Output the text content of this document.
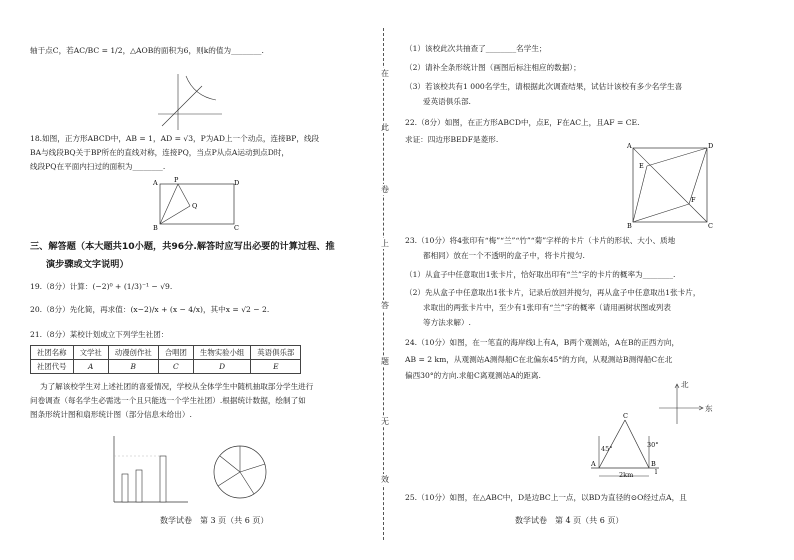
轴于点C，若AC/BC = 1/2，△AOB的面积为6，则k的值为________.
18.如图，正方形ABCD中，AB = 1，AD = √3，P为AD上一个动点，连接BP，线段
BA与线段BQ关于BP所在的直线对称，连接PQ，当点P从点A运动到点D时，
线段PQ在平面内扫过的面积为________.
A	P	D
Q
B	C
三、解答题（本大题共10小题，共96分.解答时应写出必要的计算过程、推
演步骤或文字说明）
19.（8分）计算：(−2)⁰ + (1/3)⁻¹ − √9.
20.（8分）先化简，再求值：(x−2)/x + (x − 4/x)，其中x = √2 − 2.
21.（8分）某校计划成立下列学生社团：
社团名称	文学社	动漫创作社	合唱团	生物实验小组	英语俱乐部
社团代号	A	B	C	D	E
为了解该校学生对上述社团的喜爱情况，学校从全体学生中随机抽取部分学生进行
问卷调查（每名学生必需选一个且只能选一个学生社团）.根据统计数据，绘制了如
图条形统计图和扇形统计图（部分信息未给出）.
数学试卷　第 3 页（共 6 页）
在
此
卷
上
答
题
无
效
（1）该校此次共抽查了________名学生；
（2）请补全条形统计图（画图后标注相应的数据）；
（3）若该校共有1 000名学生，请根据此次调查结果，试估计该校有多少名学生喜
爱英语俱乐部.
22.（8分）如图，在正方形ABCD中，点E，F在AC上，且AF = CE.
求证：四边形BEDF是菱形.
A	D
B	C
E
F
23.（10分）将4张印有“梅”“兰”“竹”“菊”字样的卡片（卡片的形状、大小、质地
都相同）放在一个不透明的盒子中，将卡片搅匀.
（1）从盒子中任意取出1张卡片，恰好取出印有“兰”字的卡片的概率为________.
（2）先从盒子中任意取出1张卡片，记录后放回并搅匀，再从盒子中任意取出1张卡片，
求取出的两张卡片中，至少有1张印有“兰”字的概率（请用画树状图或列表
等方法求解）.
24.（10分）如图，在一笔直的海岸线l上有A，B两个观测站，A在B的正西方向，
AB = 2 km，从观测站A测得船C在北偏东45°的方向，从观测站B测得船C在北
偏西30°的方向.求船C离观测站A的距离.
北
东
C
A	B
l
45°	30°
2km
25.（10分）如图，在△ABC中，D是边BC上一点，以BD为直径的⊙O经过点A，且
数学试卷　第 4 页（共 6 页）
